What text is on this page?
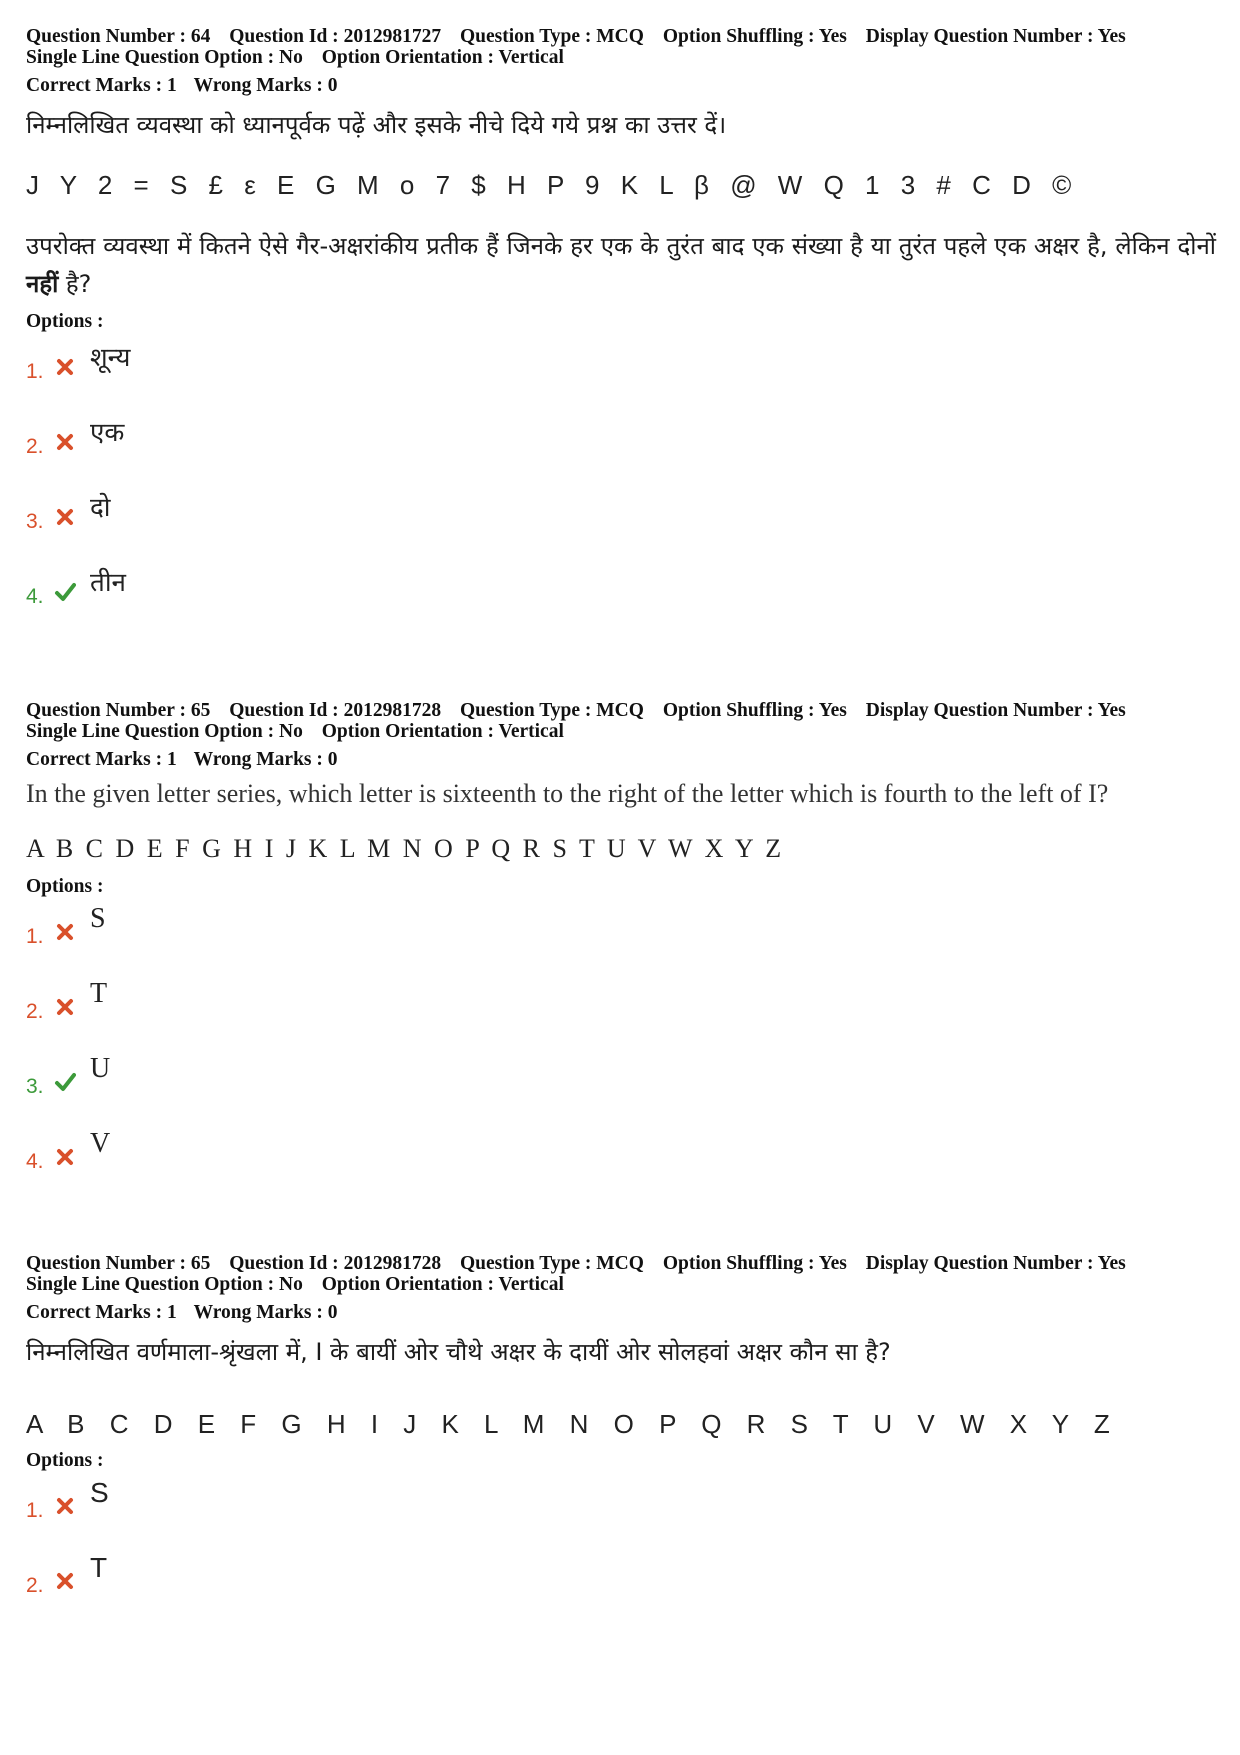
Question Number : 64 Question Id : 2012981727 Question Type : MCQ Option Shuffling : Yes Display Question Number : Yes
Single Line Question Option : No Option Orientation : Vertical
Correct Marks : 1 Wrong Marks : 0
निम्नलिखित व्यवस्था को ध्यानपूर्वक पढ़ें और इसके नीचे दिये गये प्रश्न का उत्तर दें।
J Y 2 = S £ ε E G M ο 7 $ H P 9 K L β @ W Q 1 3 # C D ©
उपरोक्त व्यवस्था में कितने ऐसे गैर-अक्षरांकीय प्रतीक हैं जिनके हर एक के तुरंत बाद एक संख्या है या तुरंत पहले एक अक्षर है, लेकिन दोनों नहीं है?
Options :
1. शून्य
2. एक
3. दो
4. तीन
Question Number : 65 Question Id : 2012981728 Question Type : MCQ Option Shuffling : Yes Display Question Number : Yes
Single Line Question Option : No Option Orientation : Vertical
Correct Marks : 1 Wrong Marks : 0
In the given letter series, which letter is sixteenth to the right of the letter which is fourth to the left of I?
A B C D E F G H I J K L M N O P Q R S T U V W X Y Z
Options :
1.
S
2.
T
3.
U
4.
V
Question Number : 65 Question Id : 2012981728 Question Type : MCQ Option Shuffling : Yes Display Question Number : Yes
Single Line Question Option : No Option Orientation : Vertical
Correct Marks : 1 Wrong Marks : 0
निम्नलिखित वर्णमाला-श्रृंखला में, I के बायीं ओर चौथे अक्षर के दायीं ओर सोलहवां अक्षर कौन सा है?
A B C D E F G H I J K L M N O P Q R S T U V W X Y Z
Options :
1.
S
2.
T
